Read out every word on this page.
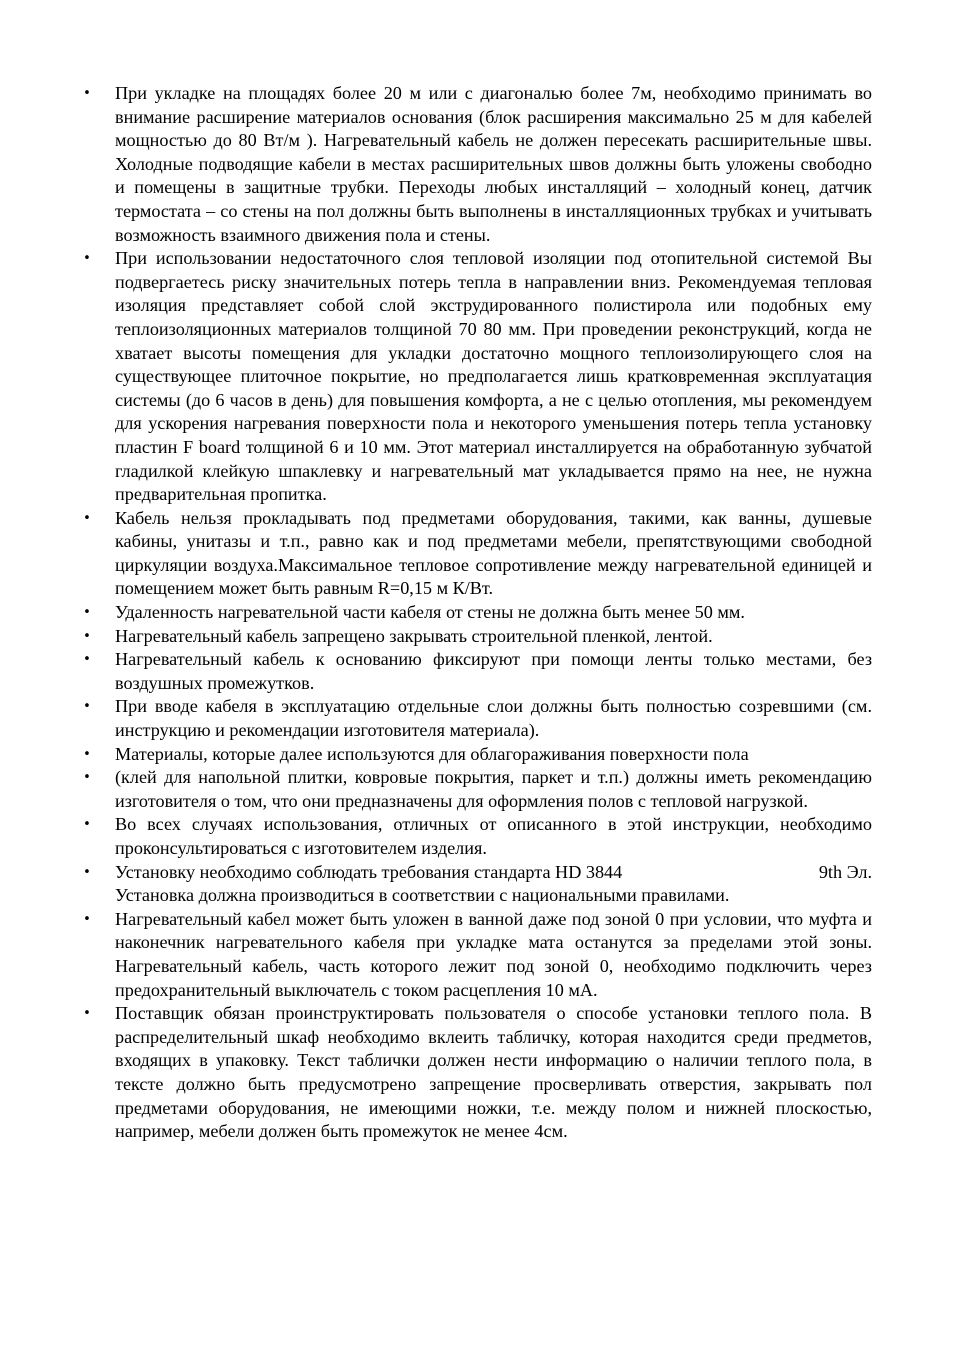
• При укладке на площадях более 20 м или с диагональю более 7м, необходимо принимать во внимание расширение материалов основания (блок расширения максимально 25 м для кабелей мощностью до 80 Вт/м ). Нагревательный кабель не должен пересекать расширительные швы. Холодные подводящие кабели в местах расширительных швов должны быть уложены свободно и помещены в защитные трубки. Переходы любых инсталляций – холодный конец, датчик термостата – со стены на пол должны быть выполнены в инсталляционных трубках и учитывать возможность взаимного движения пола и стены.
• При использовании недостаточного слоя тепловой изоляции под отопительной системой Вы подвергаетесь риску значительных потерь тепла в направлении вниз. Рекомендуемая тепловая изоляция представляет собой слой экструдированного полистирола или подобных ему теплоизоляционных материалов толщиной 70 80 мм. При проведении реконструкций, когда не хватает высоты помещения для укладки достаточно мощного теплоизолирующего слоя на существующее плиточное покрытие, но предполагается лишь кратковременная эксплуатация системы (до 6 часов в день) для повышения комфорта, а не с целью отопления, мы рекомендуем для ускорения нагревания поверхности пола и некоторого уменьшения потерь тепла установку пластин F board толщиной 6 и 10 мм. Этот материал инсталлируется на обработанную зубчатой гладилкой клейкую шпаклевку и нагревательный мат укладывается прямо на нее, не нужна предварительная пропитка.
• Кабель нельзя прокладывать под предметами оборудования, такими, как ванны, душевые кабины, унитазы и т.п., равно как и под предметами мебели, препятствующими свободной циркуляции воздуха.Максимальное тепловое сопротивление между нагревательной единицей и помещением может быть равным R=0,15 м К/Вт.
• Удаленность нагревательной части кабеля от стены не должна быть менее 50 мм.
• Нагревательный кабель запрещено закрывать строительной пленкой, лентой.
• Нагревательный кабель к основанию фиксируют при помощи ленты только местами, без воздушных промежутков.
• При вводе кабеля в эксплуатацию отдельные слои должны быть полностью созревшими (см. инструкцию и рекомендации изготовителя материала).
• Материалы, которые далее используются для облагораживания поверхности пола
• (клей для напольной плитки, ковровые покрытия, паркет и т.п.) должны иметь рекомендацию изготовителя о том, что они предназначены для оформления полов с тепловой нагрузкой.
• Во всех случаях использования, отличных от описанного в этой инструкции, необходимо проконсультироваться с изготовителем изделия.
• Установку необходимо соблюдать требования стандарта HD 3844	9th Эл.
Установка должна производиться в соответствии с национальными правилами.
• Нагревательный кабел может быть уложен в ванной даже под зоной 0 при условии, что муфта и наконечник нагревательного кабеля при укладке мата останутся за пределами этой зоны. Нагревательный кабель, часть которого лежит под зоной 0, необходимо подключить через предохранительный выключатель с током расцепления 10 мА.
• Поставщик обязан проинструктировать пользователя о способе установки теплого пола. В распределительный шкаф необходимо вклеить табличку, которая находится среди предметов, входящих в упаковку. Текст таблички должен нести информацию о наличии теплого пола, в тексте должно быть предусмотрено запрещение просверливать отверстия, закрывать пол предметами оборудования, не имеющими ножки, т.е. между полом и нижней плоскостью, например, мебели должен быть промежуток не менее 4см.
